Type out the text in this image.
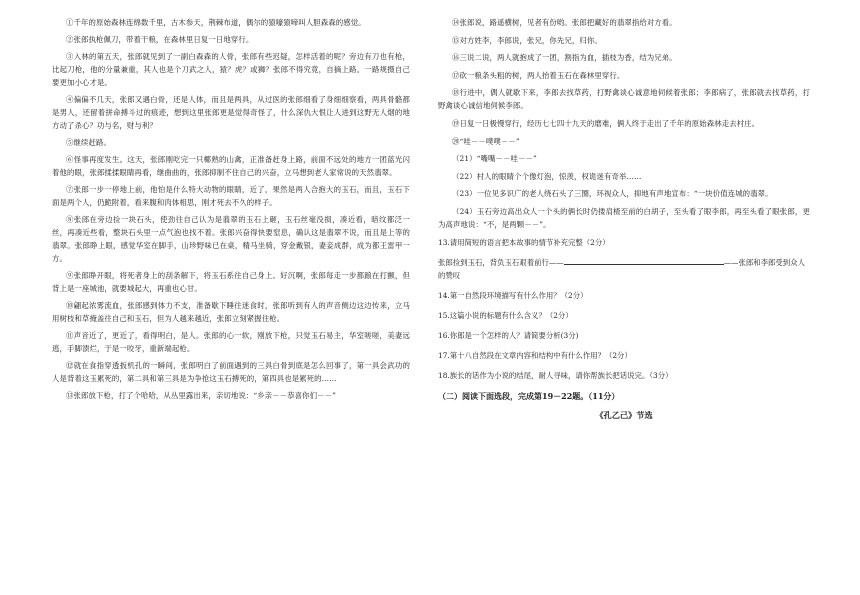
①千年的原始森林连绵数千里，古木参天，荆棘布道，偶尔的猿嚎猿啼叫人胆森森的感觉。

②张郎执枪佩刀，带着干粮，在森林里日复一日地穿行。

③入林的第五天，张郎就见到了一副白森森的人骨，张郎有些迟疑，怎样活着的呢？旁边有刀也有枪，比起刀枪，他的分量兼重，其人也是个刀武之人，猿？虎？或狮？张郎不得究竟，自摘上路。一路规摄自己要更加小心才是。

④偏偏不几天，张郎又遇白骨，还是人体，而且是两具，从过医的张郎细看了身细细察看，两具骨骼都是男人，还留着拼命搏斗过的痕迹，想到这里张郎更是觉得奇怪了，什么深仇大恨让人进到这野无人烟的地方动了杀心？功与名，财与利？

⑤继续赶路。

⑥怪事再度发生。这天，张郎刚吃完一只椰熟的山禽，正准备赶身上路，前面不远处的地方一团蓝光闪着他的眼，张郎揉揉眼睛再看，继曲曲的，张郎抑制不住自己的兴奋，立马想到老人家常说的天然翡翠。

⑦张郎一步一停地上前，他怕是什么特大动物的眼睛，近了，果然是两人合抱大的玉石，而且，玉石下面是两个人，仍跪附着，看来腹和肉体相思，刚才死去不久的样子。

⑧张郎在旁边捡一块石头，使劲往自己认为是翡翠的玉石上砸，玉石丝毫没损，凑近看，暗纹都泛一丝，再凑近些看，整块石头里一点气泡也找不着。张郎兴奋得快要窒息，确认这是翡翠不说，而且是上等的翡翠。张郎睁上眼，感觉华室在脚手，山珍野味已在桌，精马坐骑，穿金戴银，妻妾成群，成为都王雷甲一方。

⑨张郎睁开眼，将死者身上的刮条解下，将玉石系往自己身上。好沉啊，张郎每走一步都踉在打颤，但背上是一座城池，就要城起大，再重也心甘。

⑩翩起浓雾流血，张郎感到体力不支，准备歇下睡往迷食时，张郎听到有人的声音侧边这边传来，立马用树枝和草掩盖往自己和玉石，但为人越来越近，张郎立刻紧握住枪。

⑪声音近了，更近了，看得明白，是人。张郎的心一软，刚放下枪，只觉玉石易主，华室嗟嗟，美妻远逃，手脚溃烂，于是一咬牙，重新端起枪。

⑫就在食指穿透扳机孔的一瞬间，张郎明白了前面遇到的三具白骨到底是怎么回事了，第一具会武功的人是背着这玉累死的，第二具和第三具是为争抢这玉石搏死的，第四具也是累死的……

⑬张郎放下枪，打了个哈哈，从丛里露出来，亲切地说：“乡亲－－恭喜你们－－”

⑭张郎说，路遥横树，见者有份哟。张郎把藏好的翡翠指给对方看。

⑮对方姓李，李郎说，张兄，你先兄，归你。

⑯三说二说，两人就抱成了一团，割指为血，插枝为香，结为兄弟。

⑰砍一粮条头粗的树，两人抬着玉石在森林里穿行。

⑱行进中，偶人就歇下来，李郎去找草药，打野禽谈心诚意地伺候着张郎；李郎病了，张郎就去找草药，打野禽谈心诚信地伺候李郎。

⑲日复一日极慢穿行，经历七七四十九天的磨难，俩人终于走出了千年的原始森林走去村庄。

⑳“哇－－噗噗－－”

（21）“嘴嘴－－哇－－”

（22）村人的眼睛个个像灯泡，惊羡，权诡迷有奇举……

（23）一位见多识广的老人绕石头了三圈，环视众人，抑地有声地宣布：“一块价值连城的翡翠。

（24）玉石旁边高出众人一个头的俩长时仍搂肩楂至前的白胡子，至头看了眼李郎，再至头看了眼张郎，更为高声地说：“不，是两颗－－”。

13.请用简短的语言把本故事的情节补充完整（2分）

张郎捡到玉石，背负玉石艰着前行——	——张郎和李郎受到众人的赞叹

14.第一自然段环境描写有什么作用？（2分）

15.这篇小说的标题有什么含义？（2分）

16.你郎是一个怎样的人？请简要分析(3分)

17.第十八自然段在文章内容和结构中有什么作用？（2分）

18.族长的话作为小说的结尾，耐人寻味，请你帮族长把话说完。（3分）

（二）阅读下面选段，完成第19－22题。（11分）
《孔乙己》节选
